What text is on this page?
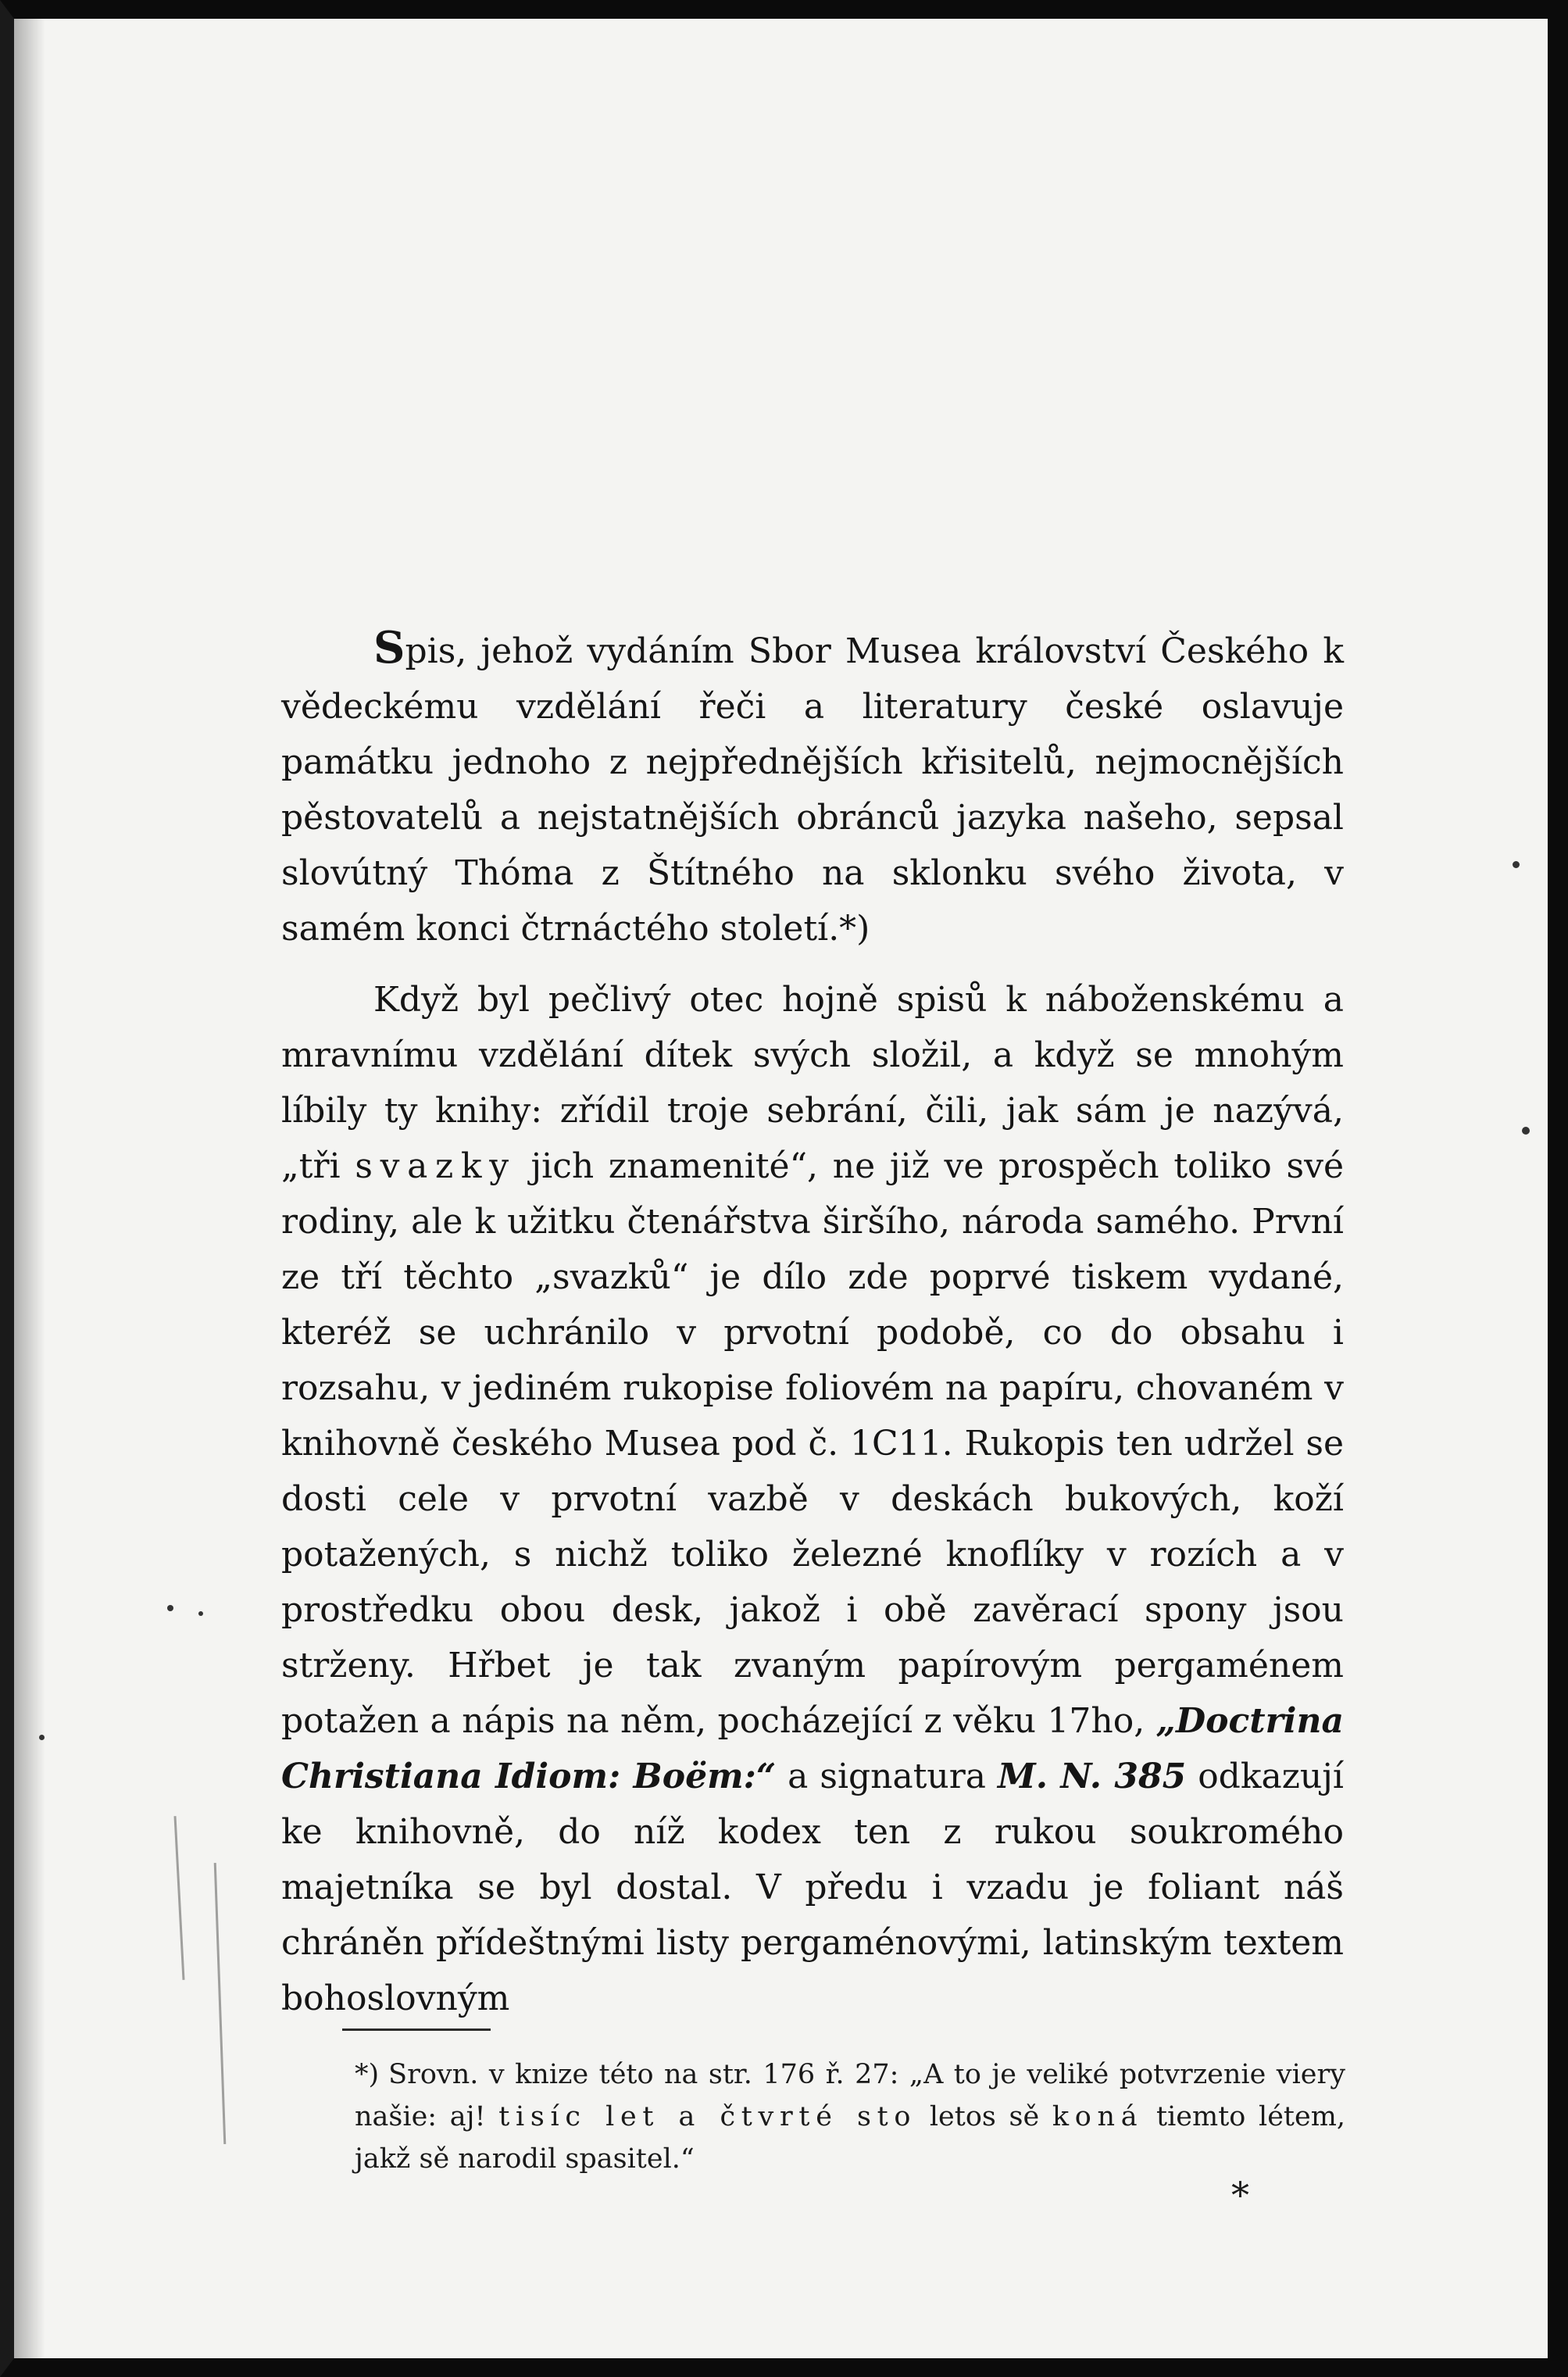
Spis, jehož vydáním Sbor Musea království Českého k vědeckému vzdělání řeči a literatury české oslavuje památku jednoho z nejpřednějších křisitelů, nejmocnějších pěstovatelů a nejstatnějších obránců jazyka našeho, sepsal slovútný Thóma z Štítného na sklonku svého života, v samém konci čtrnáctého století.*)

Když byl pečlivý otec hojně spisů k náboženskému a mravnímu vzdělání dítek svých složil, a když se mnohým líbily ty knihy: zřídil troje sebrání, čili, jak sám je nazývá, „tři svazky jich znamenité“, ne již ve prospěch toliko své rodiny, ale k užitku čtenářstva širšího, národa samého. První ze tří těchto „svazků“ je dílo zde poprvé tiskem vydané, kteréž se uchránilo v prvotní podobě, co do obsahu i rozsahu, v jediném rukopise foliovém na papíru, chovaném v knihovně českého Musea pod č. 1C11. Rukopis ten udržel se dosti cele v prvotní vazbě v deskách bukových, koží potažených, s nichž toliko železné knoflíky v rozích a v prostředku obou desk, jakož i obě zavěrací spony jsou strženy. Hřbet je tak zvaným papírovým pergaménem potažen a nápis na něm, pocházející z věku 17ho, „Doctrina Christiana Idiom: Boëm:“ a signatura M. N. 385 odkazují ke knihovně, do níž kodex ten z rukou soukromého majetníka se byl dostal. V předu i vzadu je foliant náš chráněn přídeštnými listy pergaménovými, latinským textem bohoslovným

*) Srovn. v knize této na str. 176 ř. 27: „A to je veliké potvrzenie viery našie: aj! tisíc let a čtvrté sto letos sě koná tiemto létem, jakž sě narodil spasitel.“
*
